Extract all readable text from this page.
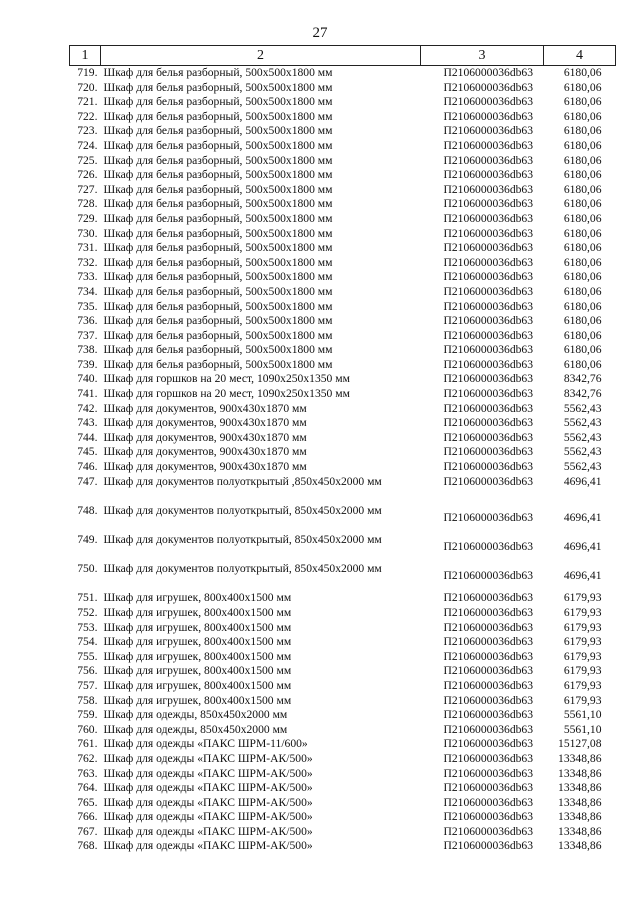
27
1	2	3	4
719.	Шкаф для белья разборный, 500х500х1800 мм	П2106000036db63	6180,06
720.	Шкаф для белья разборный, 500х500х1800 мм	П2106000036db63	6180,06
721.	Шкаф для белья разборный, 500х500х1800 мм	П2106000036db63	6180,06
722.	Шкаф для белья разборный, 500х500х1800 мм	П2106000036db63	6180,06
723.	Шкаф для белья разборный, 500х500х1800 мм	П2106000036db63	6180,06
724.	Шкаф для белья разборный, 500х500х1800 мм	П2106000036db63	6180,06
725.	Шкаф для белья разборный, 500х500х1800 мм	П2106000036db63	6180,06
726.	Шкаф для белья разборный, 500х500х1800 мм	П2106000036db63	6180,06
727.	Шкаф для белья разборный, 500х500х1800 мм	П2106000036db63	6180,06
728.	Шкаф для белья разборный, 500х500х1800 мм	П2106000036db63	6180,06
729.	Шкаф для белья разборный, 500х500х1800 мм	П2106000036db63	6180,06
730.	Шкаф для белья разборный, 500х500х1800 мм	П2106000036db63	6180,06
731.	Шкаф для белья разборный, 500х500х1800 мм	П2106000036db63	6180,06
732.	Шкаф для белья разборный, 500х500х1800 мм	П2106000036db63	6180,06
733.	Шкаф для белья разборный, 500х500х1800 мм	П2106000036db63	6180,06
734.	Шкаф для белья разборный, 500х500х1800 мм	П2106000036db63	6180,06
735.	Шкаф для белья разборный, 500х500х1800 мм	П2106000036db63	6180,06
736.	Шкаф для белья разборный, 500х500х1800 мм	П2106000036db63	6180,06
737.	Шкаф для белья разборный, 500х500х1800 мм	П2106000036db63	6180,06
738.	Шкаф для белья разборный, 500х500х1800 мм	П2106000036db63	6180,06
739.	Шкаф для белья разборный, 500х500х1800 мм	П2106000036db63	6180,06
740.	Шкаф для горшков на 20 мест, 1090х250х1350 мм	П2106000036db63	8342,76
741.	Шкаф для горшков на 20 мест, 1090х250х1350 мм	П2106000036db63	8342,76
742.	Шкаф для документов, 900х430х1870 мм	П2106000036db63	5562,43
743.	Шкаф для документов, 900х430х1870 мм	П2106000036db63	5562,43
744.	Шкаф для документов, 900х430х1870 мм	П2106000036db63	5562,43
745.	Шкаф для документов, 900х430х1870 мм	П2106000036db63	5562,43
746.	Шкаф для документов, 900х430х1870 мм	П2106000036db63	5562,43
747.	Шкаф для документов полуоткрытый ,850х450х2000 мм	П2106000036db63	4696,41
748.	Шкаф для документов полуоткрытый, 850х450х2000 мм	П2106000036db63	4696,41
749.	Шкаф для документов полуоткрытый, 850х450х2000 мм	П2106000036db63	4696,41
750.	Шкаф для документов полуоткрытый, 850х450х2000 мм	П2106000036db63	4696,41
751.	Шкаф для игрушек, 800х400х1500 мм	П2106000036db63	6179,93
752.	Шкаф для игрушек, 800х400х1500 мм	П2106000036db63	6179,93
753.	Шкаф для игрушек, 800х400х1500 мм	П2106000036db63	6179,93
754.	Шкаф для игрушек, 800х400х1500 мм	П2106000036db63	6179,93
755.	Шкаф для игрушек, 800х400х1500 мм	П2106000036db63	6179,93
756.	Шкаф для игрушек, 800х400х1500 мм	П2106000036db63	6179,93
757.	Шкаф для игрушек, 800х400х1500 мм	П2106000036db63	6179,93
758.	Шкаф для игрушек, 800х400х1500 мм	П2106000036db63	6179,93
759.	Шкаф для одежды, 850х450х2000 мм	П2106000036db63	5561,10
760.	Шкаф для одежды, 850х450х2000 мм	П2106000036db63	5561,10
761.	Шкаф для одежды «ПАКС ШРМ-11/600»	П2106000036db63	15127,08
762.	Шкаф для одежды «ПАКС ШРМ-АК/500»	П2106000036db63	13348,86
763.	Шкаф для одежды «ПАКС ШРМ-АК/500»	П2106000036db63	13348,86
764.	Шкаф для одежды «ПАКС ШРМ-АК/500»	П2106000036db63	13348,86
765.	Шкаф для одежды «ПАКС ШРМ-АК/500»	П2106000036db63	13348,86
766.	Шкаф для одежды «ПАКС ШРМ-АК/500»	П2106000036db63	13348,86
767.	Шкаф для одежды «ПАКС ШРМ-АК/500»	П2106000036db63	13348,86
768.	Шкаф для одежды «ПАКС ШРМ-АК/500»	П2106000036db63	13348,86
